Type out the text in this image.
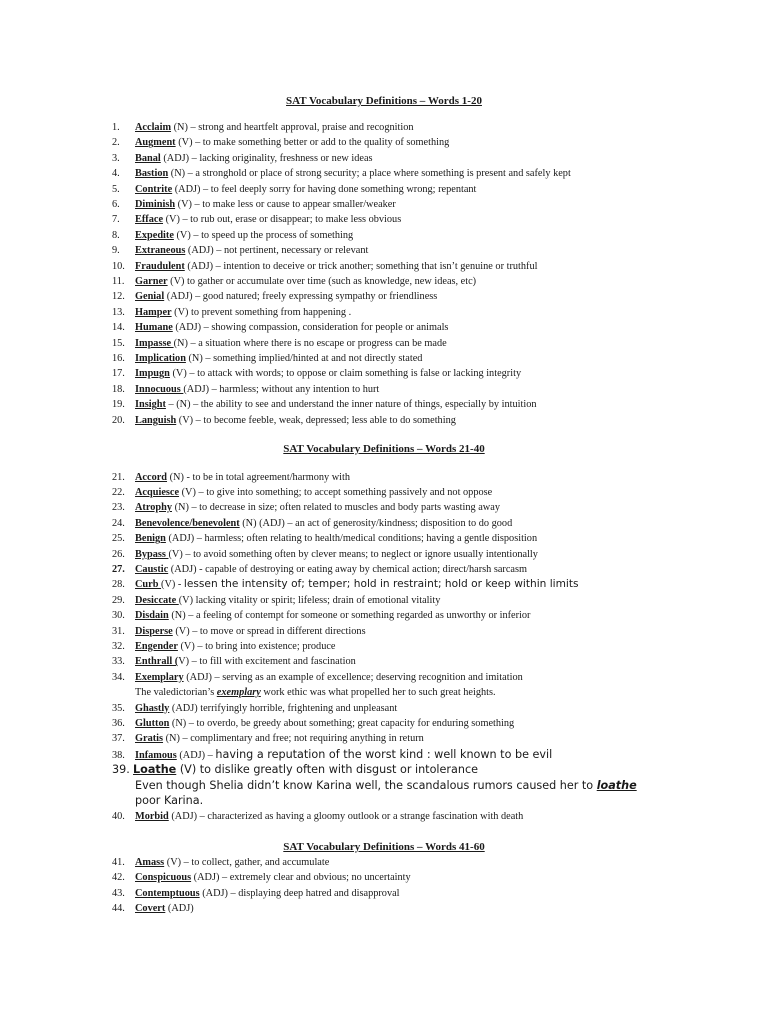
SAT Vocabulary Definitions – Words 1-20
1. Acclaim (N) – strong and heartfelt approval, praise and recognition
2. Augment (V) – to make something better or add to the quality of something
3. Banal (ADJ) – lacking originality, freshness or new ideas
4. Bastion (N) – a stronghold or place of strong security; a place where something is present and safely kept
5. Contrite (ADJ) – to feel deeply sorry for having done something wrong; repentant
6. Diminish (V) – to make less or cause to appear smaller/weaker
7. Efface (V) – to rub out, erase or disappear; to make less obvious
8. Expedite (V) – to speed up the process of something
9. Extraneous (ADJ) – not pertinent, necessary or relevant
10. Fraudulent (ADJ) – intention to deceive or trick another; something that isn’t genuine or truthful
11. Garner (V) to gather or accumulate over time (such as knowledge, new ideas, etc)
12. Genial (ADJ) – good natured; freely expressing sympathy or friendliness
13. Hamper (V) to prevent something from happening .
14. Humane (ADJ) – showing compassion, consideration for people or animals
15. Impasse (N) – a situation where there is no escape or progress can be made
16. Implication (N) – something implied/hinted at and not directly stated
17. Impugn (V) – to attack with words; to oppose or claim something is false or lacking integrity
18. Innocuous (ADJ) – harmless; without any intention to hurt
19. Insight – (N) – the ability to see and understand the inner nature of things, especially by intuition
20. Languish (V) – to become feeble, weak, depressed; less able to do something
SAT Vocabulary Definitions – Words 21-40
21. Accord (N) - to be in total agreement/harmony with
22. Acquiesce (V) – to give into something; to accept something passively and not oppose
23. Atrophy (N) – to decrease in size; often related to muscles and body parts wasting away
24. Benevolence/benevolent (N) (ADJ) – an act of generosity/kindness; disposition to do good
25. Benign (ADJ) – harmless; often relating to health/medical conditions; having a gentle disposition
26. Bypass (V) – to avoid something often by clever means; to neglect or ignore usually intentionally
27. Caustic (ADJ) - capable of destroying or eating away by chemical action; direct/harsh sarcasm
28. Curb (V) - lessen the intensity of; temper; hold in restraint; hold or keep within limits
29. Desiccate (V) lacking vitality or spirit; lifeless; drain of emotional vitality
30. Disdain (N) – a feeling of contempt for someone or something regarded as unworthy or inferior
31. Disperse (V) – to move or spread in different directions
32. Engender (V) – to bring into existence; produce
33. Enthrall (V) – to fill with excitement and fascination
34. Exemplary (ADJ) – serving as an example of excellence; deserving recognition and imitation
The valedictorian’s exemplary work ethic was what propelled her to such great heights.
35. Ghastly (ADJ) terrifyingly horrible, frightening and unpleasant
36. Glutton (N) – to overdo, be greedy about something; great capacity for enduring something
37. Gratis (N) – complimentary and free; not requiring anything in return
38. Infamous (ADJ) – having a reputation of the worst kind : well known to be evil
39. Loathe (V) to dislike greatly often with disgust or intolerance
Even though Shelia didn’t know Karina well, the scandalous rumors caused her to loathe
poor Karina.
40. Morbid (ADJ) – characterized as having a gloomy outlook or a strange fascination with death
SAT Vocabulary Definitions – Words 41-60
41. Amass (V) – to collect, gather, and accumulate
42. Conspicuous (ADJ) – extremely clear and obvious; no uncertainty
43. Contemptuous (ADJ) – displaying deep hatred and disapproval
44. Covert (ADJ)
